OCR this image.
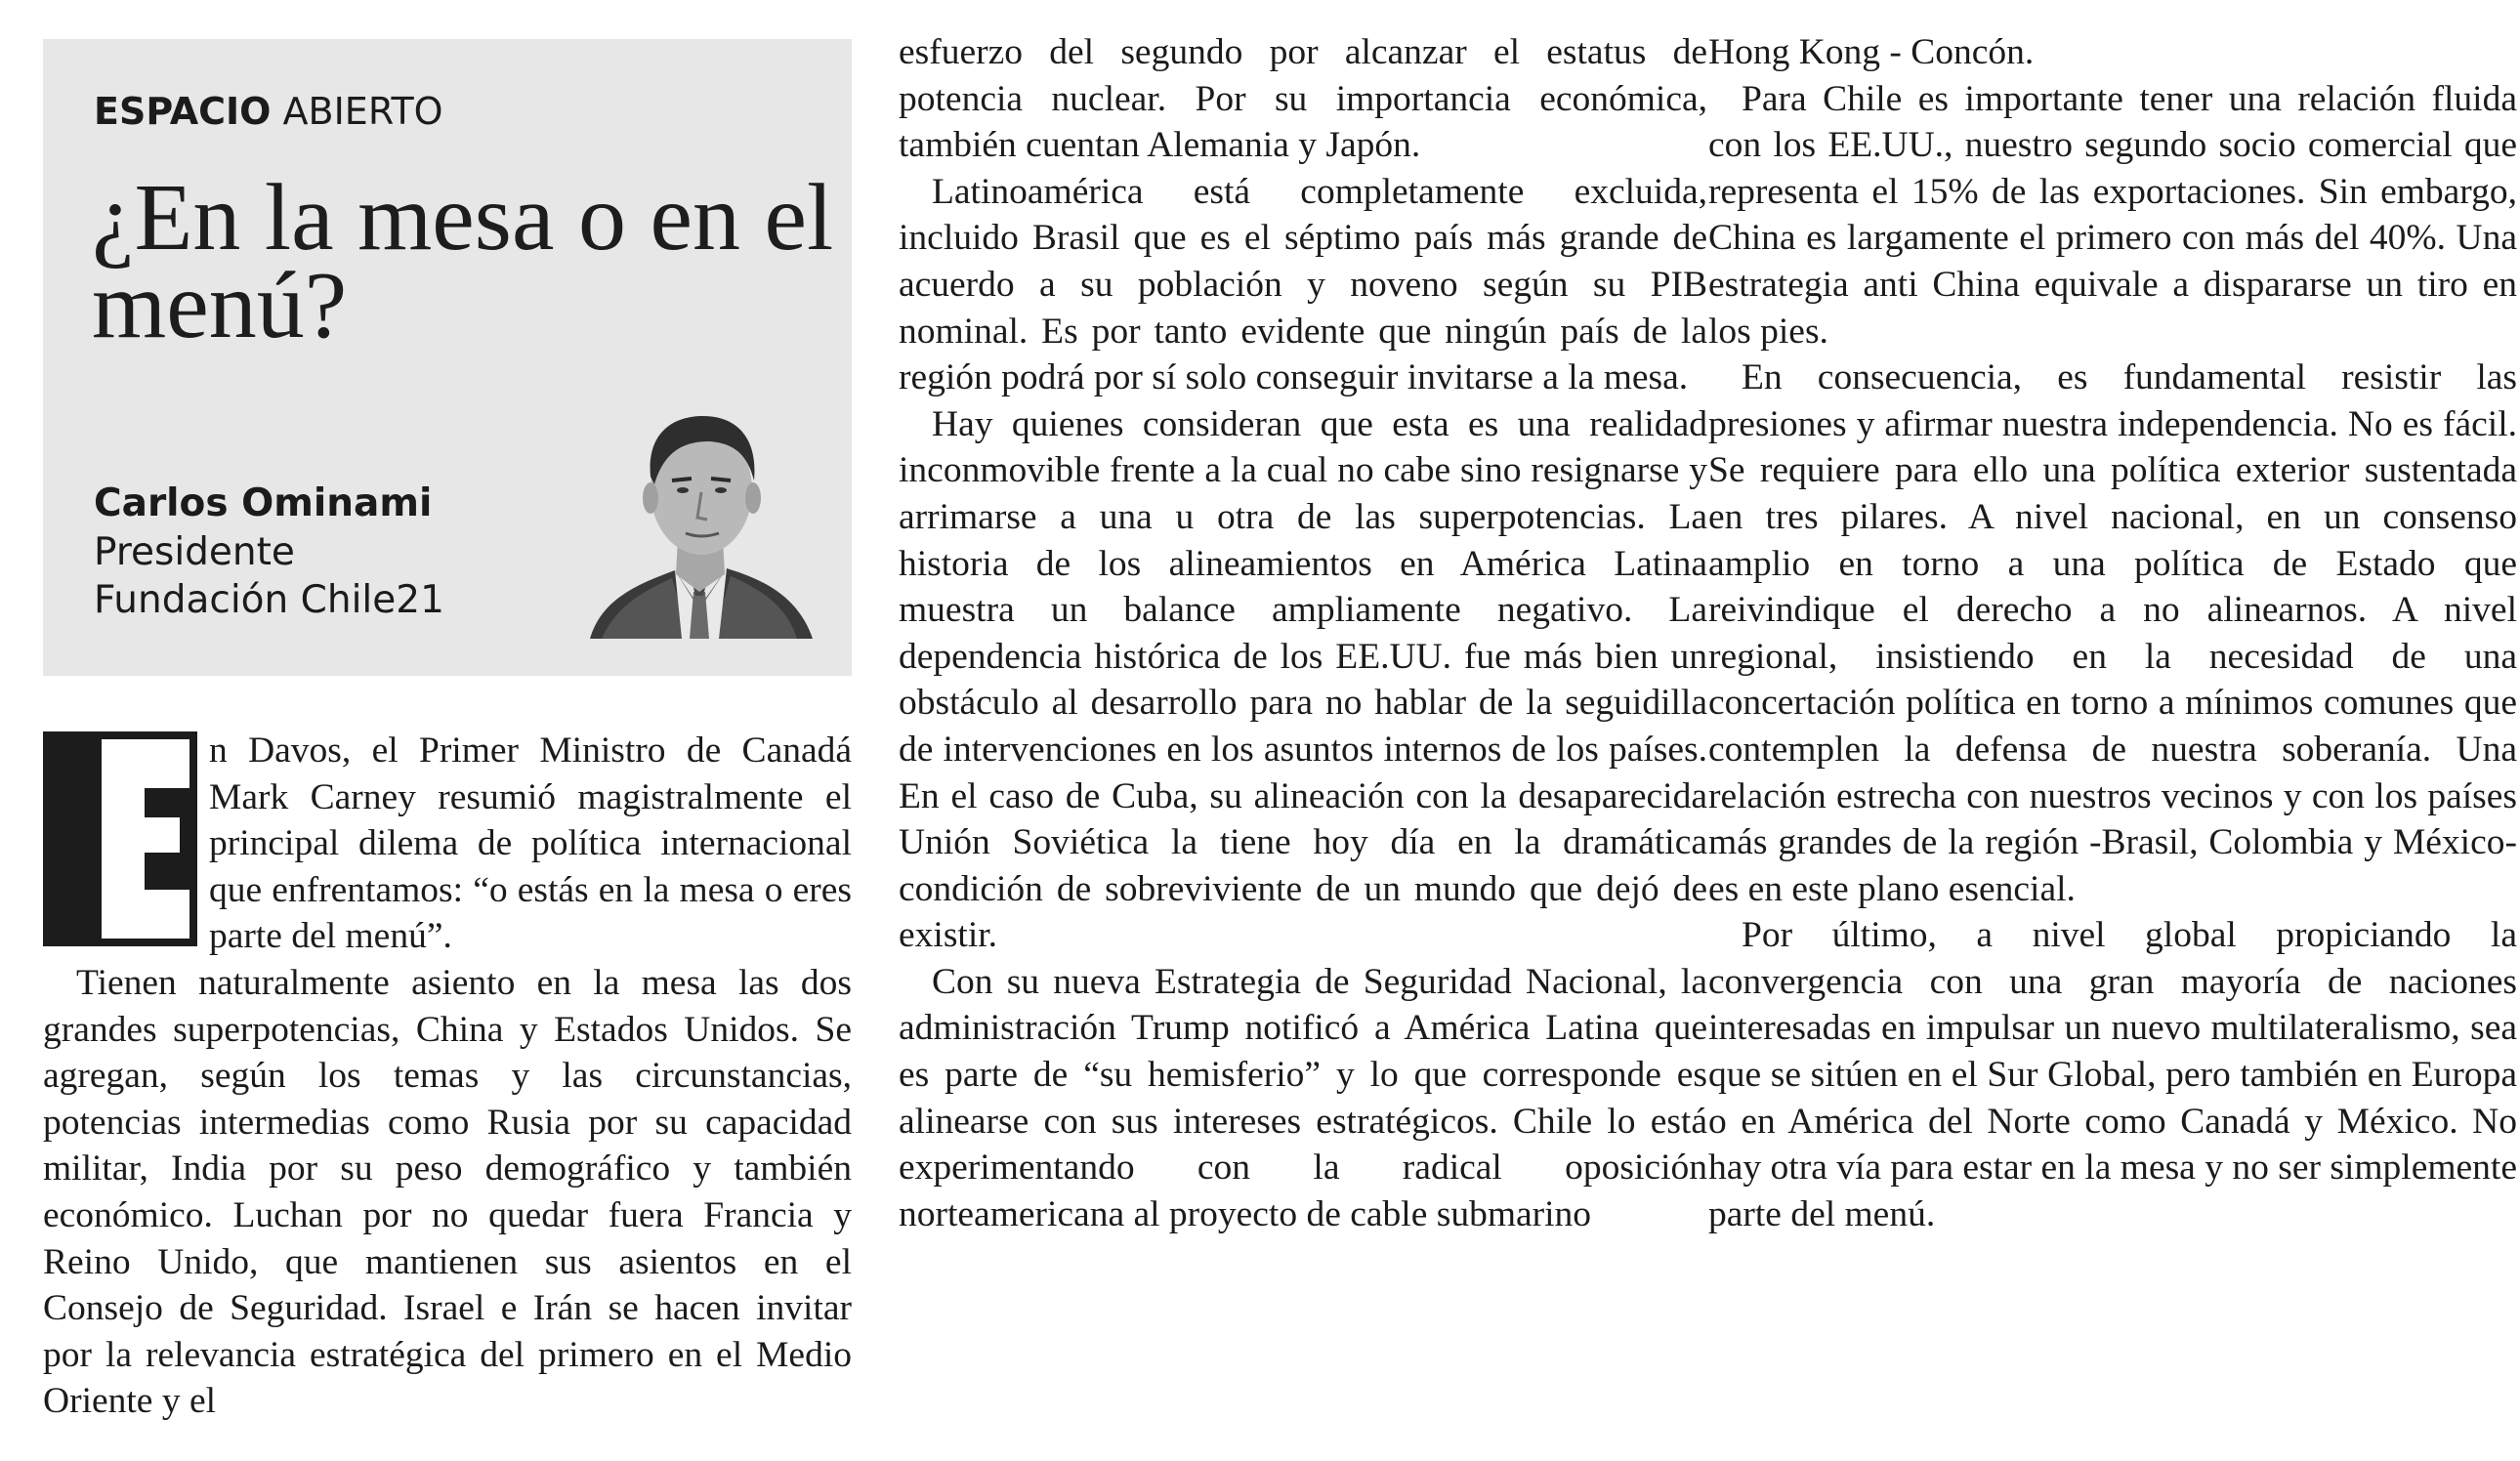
ESPACIO ABIERTO
¿En la mesa o en el menú?
Carlos Ominami
Presidente
Fundación Chile21

n Davos, el Primer Ministro de Canadá Mark Carney resumió magistralmente el principal dilema de política internacional que enfrentamos: “o estás en la mesa o eres parte del menú”.

Tienen naturalmente asiento en la mesa las dos grandes superpotencias, China y Estados Unidos. Se agregan, según los temas y las circunstancias, potencias intermedias como Rusia por su capacidad militar, India por su peso demográfico y también económico. Luchan por no quedar fuera Francia y Reino Unido, que mantienen sus asientos en el Consejo de Seguridad. Israel e Irán se hacen invitar por la relevancia estratégica del primero en el Medio Oriente y el

esfuerzo del segundo por alcanzar el estatus de potencia nuclear. Por su importancia económica, también cuentan Alemania y Japón.

Latinoamérica está completamente excluida, incluido Brasil que es el séptimo país más grande de acuerdo a su población y noveno según su PIB nominal. Es por tanto evidente que ningún país de la región podrá por sí solo conseguir invitarse a la mesa.

Hay quienes consideran que esta es una realidad inconmovible frente a la cual no cabe sino resignarse y arrimarse a una u otra de las superpotencias. La historia de los alineamientos en América Latina muestra un balance ampliamente negativo. La dependencia histórica de los EE.UU. fue más bien un obstáculo al desarrollo para no hablar de la seguidilla de intervenciones en los asuntos internos de los países. En el caso de Cuba, su alineación con la desaparecida Unión Soviética la tiene hoy día en la dramática condición de sobreviviente de un mundo que dejó de existir.

Con su nueva Estrategia de Seguridad Nacional, la administración Trump notificó a América Latina que es parte de “su hemisferio” y lo que corresponde es alinearse con sus intereses estratégicos. Chile lo está experimentando con la radical oposición norteamericana al proyecto de cable submarino

Hong Kong - Concón.

Para Chile es importante tener una relación fluida con los EE.UU., nuestro segundo socio comercial que representa el 15% de las exportaciones. Sin embargo, China es largamente el primero con más del 40%. Una estrategia anti China equivale a dispararse un tiro en los pies.

En consecuencia, es fundamental resistir las presiones y afirmar nuestra independencia. No es fácil. Se requiere para ello una política exterior sustentada en tres pilares. A nivel nacional, en un consenso amplio en torno a una política de Estado que reivindique el derecho a no alinearnos. A nivel regional, insistiendo en la necesidad de una concertación política en torno a mínimos comunes que contemplen la defensa de nuestra soberanía. Una relación estrecha con nuestros vecinos y con los países más grandes de la región -Brasil, Colombia y México- es en este plano esencial.

Por último, a nivel global propiciando la convergencia con una gran mayoría de naciones interesadas en impulsar un nuevo multilateralismo, sea que se sitúen en el Sur Global, pero también en Europa o en América del Norte como Canadá y México. No hay otra vía para estar en la mesa y no ser simplemente parte del menú.
